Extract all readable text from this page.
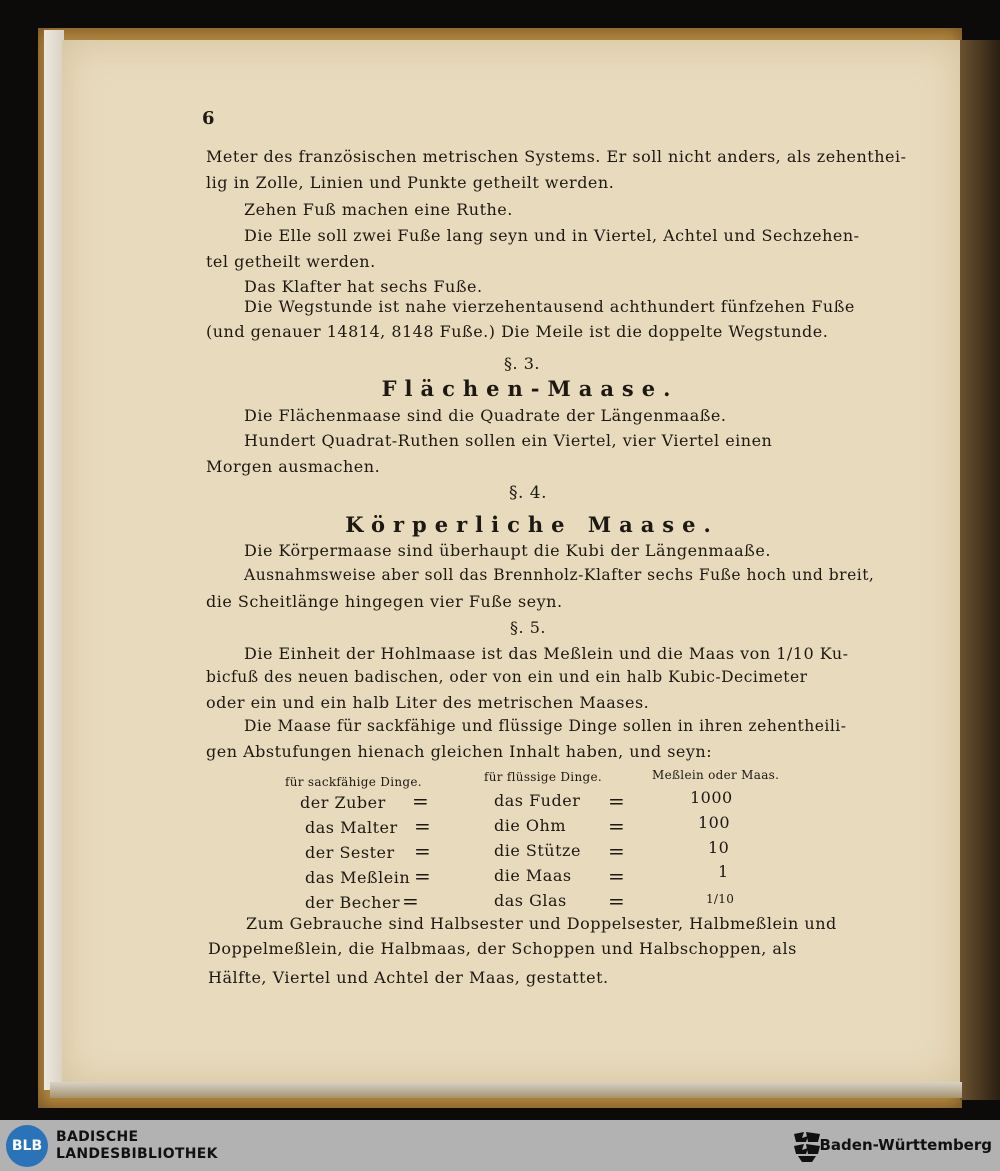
6
Meter des französischen metrischen Systems. Er soll nicht anders, als zehenthei-
lig in Zolle, Linien und Punkte getheilt werden.
Zehen Fuß machen eine Ruthe.
Die Elle soll zwei Fuße lang seyn und in Viertel, Achtel und Sechzehen-
tel getheilt werden.
Das Klafter hat sechs Fuße.
Die Wegstunde ist nahe vierzehentausend achthundert fünfzehen Fuße
(und genauer 14814, 8148 Fuße.) Die Meile ist die doppelte Wegstunde.
§. 3.
Flächen-Maase.
Die Flächenmaase sind die Quadrate der Längenmaaße.
Hundert Quadrat-Ruthen sollen ein Viertel, vier Viertel einen
Morgen ausmachen.
§. 4.
Körperliche Maase.
Die Körpermaase sind überhaupt die Kubi der Längenmaaße.
Ausnahmsweise aber soll das Brennholz-Klafter sechs Fuße hoch und breit,
die Scheitlänge hingegen vier Fuße seyn.
§. 5.
Die Einheit der Hohlmaase ist das Meßlein und die Maas von 1/10 Ku-
bicfuß des neuen badischen, oder von ein und ein halb Kubic-Decimeter
oder ein und ein halb Liter des metrischen Maases.
Die Maase für sackfähige und flüssige Dinge sollen in ihren zehentheili-
gen Abstufungen hienach gleichen Inhalt haben, und seyn:
für sackfähige Dinge.	für flüssige Dinge.	Meßlein oder Maas.
der Zuber =	das Fuder =	1000
das Malter =	die Ohm =	100
der Sester =	die Stütze =	10
das Meßlein =	die Maas =	1
der Becher =	das Glas =	1/10
Zum Gebrauche sind Halbsester und Doppelsester, Halbmeßlein und
Doppelmeßlein, die Halbmaas, der Schoppen und Halbschoppen, als
Hälfte, Viertel und Achtel der Maas, gestattet.
BLB
BADISCHE
LANDESBIBLIOTHEK	Baden-Württemberg
